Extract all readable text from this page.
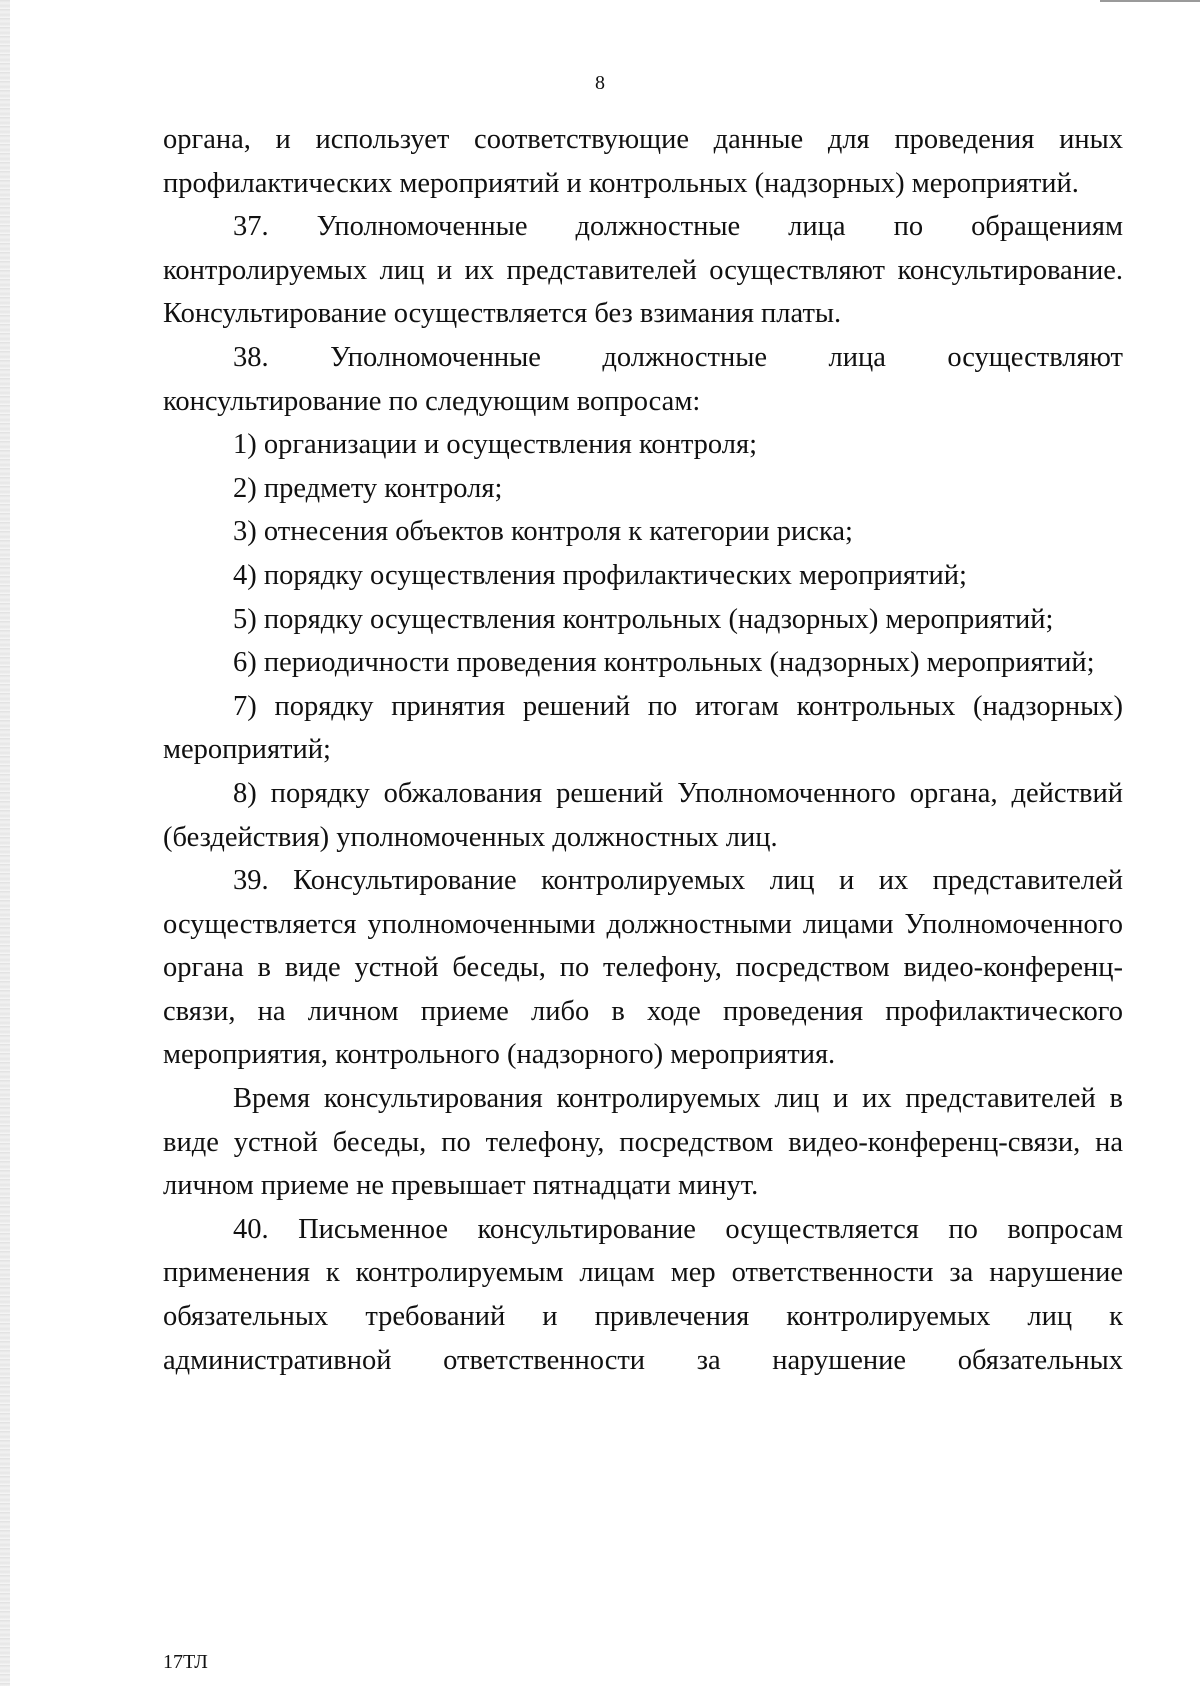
8

органа, и использует соответствующие данные для проведения иных профилактических мероприятий и контрольных (надзорных) мероприятий.

37. Уполномоченные должностные лица по обращениям контролируемых лиц и их представителей осуществляют консультирование. Консультирование осуществляется без взимания платы.

38. Уполномоченные должностные лица осуществляют консультирование по следующим вопросам:

1) организации и осуществления контроля;

2) предмету контроля;

3) отнесения объектов контроля к категории риска;

4) порядку осуществления профилактических мероприятий;

5) порядку осуществления контрольных (надзорных) мероприятий;

6) периодичности проведения контрольных (надзорных) мероприятий;

7) порядку принятия решений по итогам контрольных (надзорных) мероприятий;

8) порядку обжалования решений Уполномоченного органа, действий (бездействия) уполномоченных должностных лиц.

39. Консультирование контролируемых лиц и их представителей осуществляется уполномоченными должностными лицами Уполномоченного органа в виде устной беседы, по телефону, посредством видео-конференц-связи, на личном приеме либо в ходе проведения профилактического мероприятия, контрольного (надзорного) мероприятия.

Время консультирования контролируемых лиц и их представителей в виде устной беседы, по телефону, посредством видео-конференц-связи, на личном приеме не превышает пятнадцати минут.

40. Письменное консультирование осуществляется по вопросам применения к контролируемым лицам мер ответственности за нарушение обязательных требований и привлечения контролируемых лиц к административной ответственности за нарушение обязательных

17ТЛ
